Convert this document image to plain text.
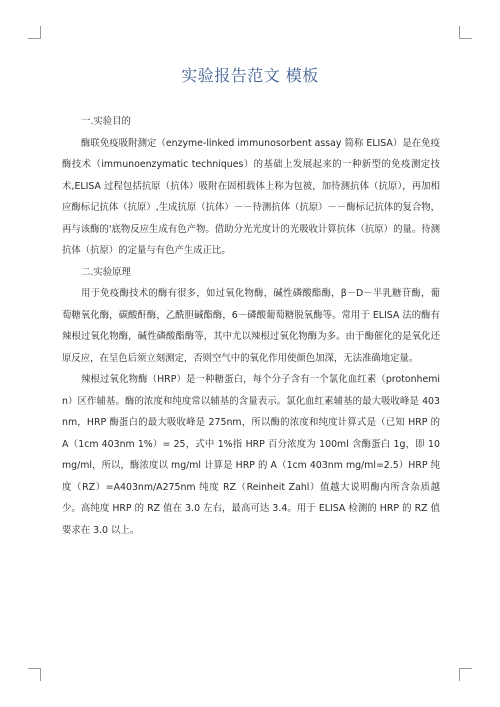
实验报告范文 模板

一.实验目的

酶联免疫吸附测定（enzyme-linked immunosorbent assay 简称 ELISA）是在免疫酶技术（immunoenzymatic techniques）的基础上发展起来的一种新型的免疫测定技术,ELISA 过程包括抗原（抗体）吸附在固相载体上称为包被，加待测抗体（抗原），再加相应酶标记抗体（抗原）,生成抗原（抗体）－－待测抗体（抗原）－－酶标记抗体的复合物，再与该酶的'底物反应生成有色产物。借助分光光度计的光吸收计算抗体（抗原）的量。待测抗体（抗原）的定量与有色产生成正比。

二.实验原理

用于免疫酶技术的酶有很多，如过氧化物酶，碱性磷酸酯酶，β－D－半乳糖苷酶，葡萄糖氧化酶，碳酸酐酶，乙酰胆碱酯酶，6－磷酸葡萄糖脱氧酶等。常用于 ELISA 法的酶有辣根过氧化物酶，碱性磷酸酯酶等，其中尤以辣根过氧化物酶为多。由于酶催化的是氧化还原反应，在呈色后须立刻测定，否则空气中的氧化作用使颜色加深，无法准确地定量。

辣根过氧化物酶（HRP）是一种糖蛋白，每个分子含有一个氯化血红素（protonhemin）区作辅基。酶的浓度和纯度常以辅基的含量表示。氯化血红素辅基的最大吸收峰是 403nm，HRP 酶蛋白的最大吸收峰是 275nm，所以酶的浓度和纯度计算式是（已知 HRP 的 A（1cm 403nm 1%）= 25，式中 1%指 HRP 百分浓度为 100ml 含酶蛋白 1g，即 10mg/ml，所以，酶浓度以 mg/ml 计算是 HRP 的 A（1cm 403nm mg/ml=2.5）HRP 纯度（RZ）=A403nm/A275nm 纯度 RZ（Reinheit Zahl）值越大说明酶内所含杂质越少。高纯度 HRP 的 RZ 值在 3.0 左右，最高可达 3.4。用于 ELISA 检测的 HRP 的 RZ 值要求在 3.0 以上。
